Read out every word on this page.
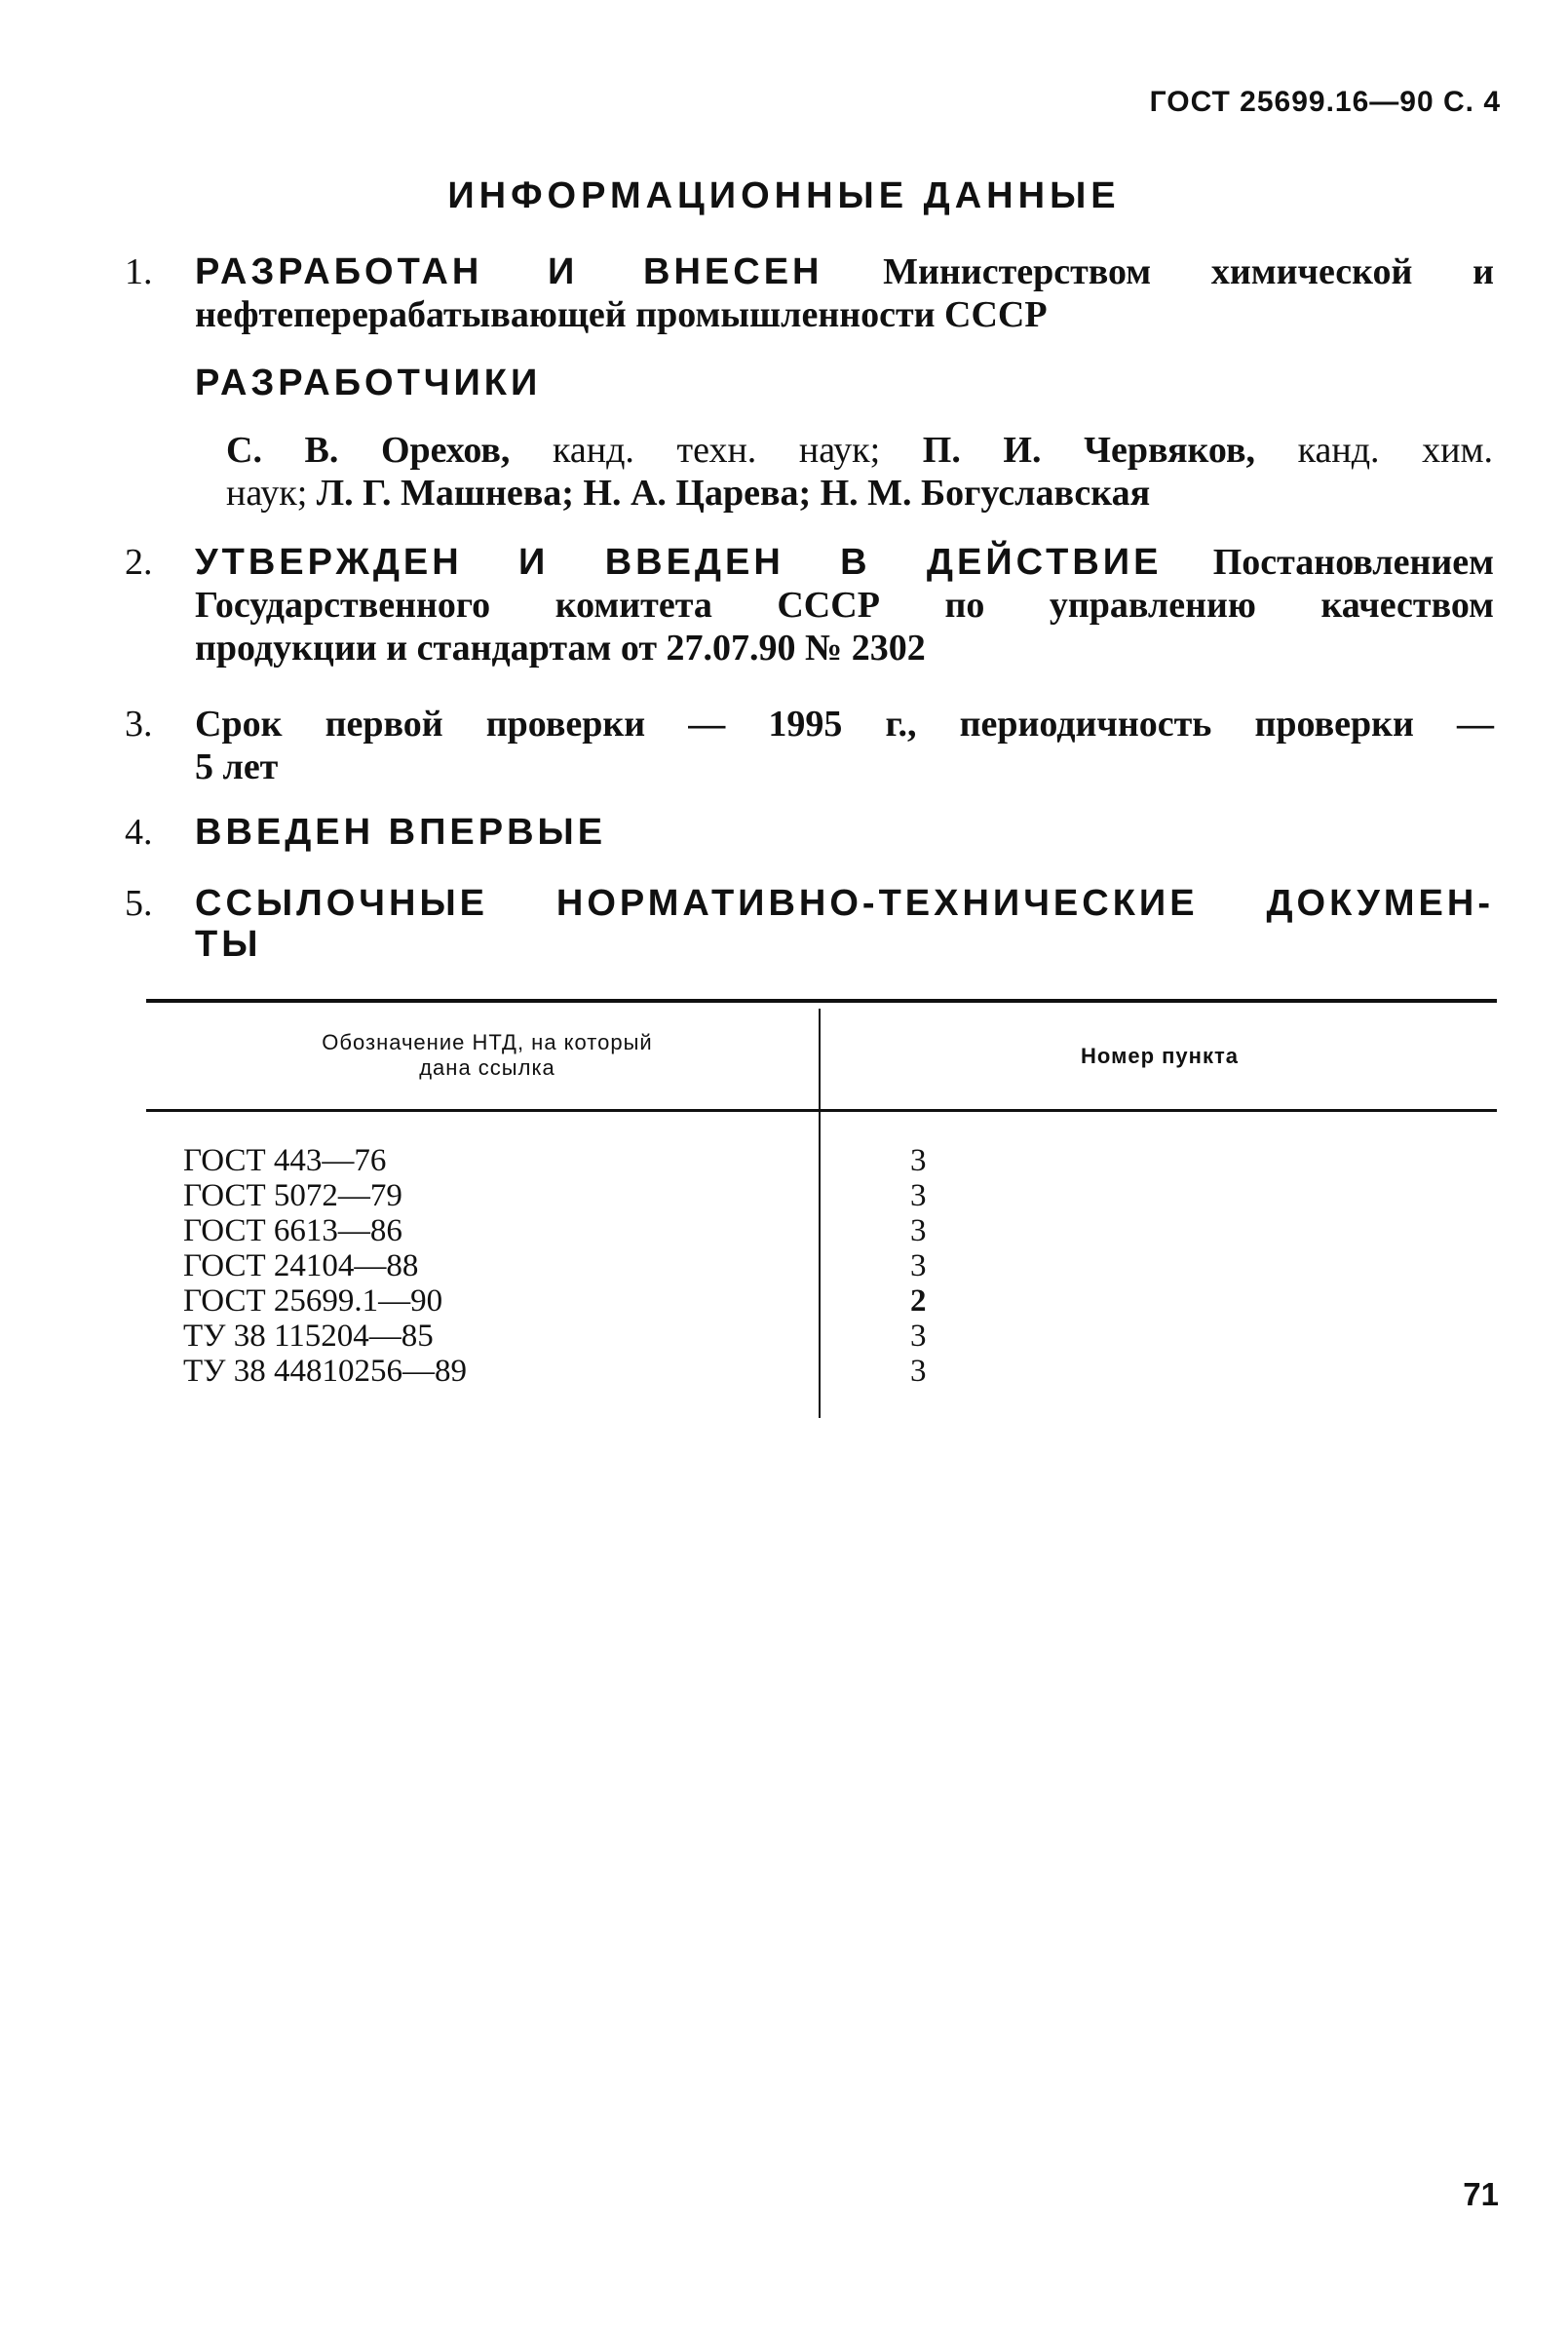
ГОСТ 25699.16—90 С. 4
ИНФОРМАЦИОННЫЕ ДАННЫЕ
1.	РАЗРАБОТАН И ВНЕСЕН Министерством химической и
нефтеперерабатывающей промышленности СССР
РАЗРАБОТЧИКИ
С. В. Орехов, канд. техн. наук; П. И. Червяков, канд. хим.
наук; Л. Г. Машнева; Н. А. Царева; Н. М. Богуславская
2.	УТВЕРЖДЕН И ВВЕДЕН В ДЕЙСТВИЕ Постановлением
Государственного комитета СССР по управлению качеством
продукции и стандартам от 27.07.90 № 2302
3.	Срок первой проверки — 1995 г., периодичность проверки —
5 лет
4.	ВВЕДЕН ВПЕРВЫЕ
5.	ССЫЛОЧНЫЕ НОРМАТИВНО-ТЕХНИЧЕСКИЕ ДОКУМЕН-
ТЫ
Обозначение НТД, на который
дана ссылка	Номер пункта
ГОСТ 443—76	3
ГОСТ 5072—79	3
ГОСТ 6613—86	3
ГОСТ 24104—88	3
ГОСТ 25699.1—90	2
ТУ 38 115204—85	3
ТУ 38 44810256—89	3
71
